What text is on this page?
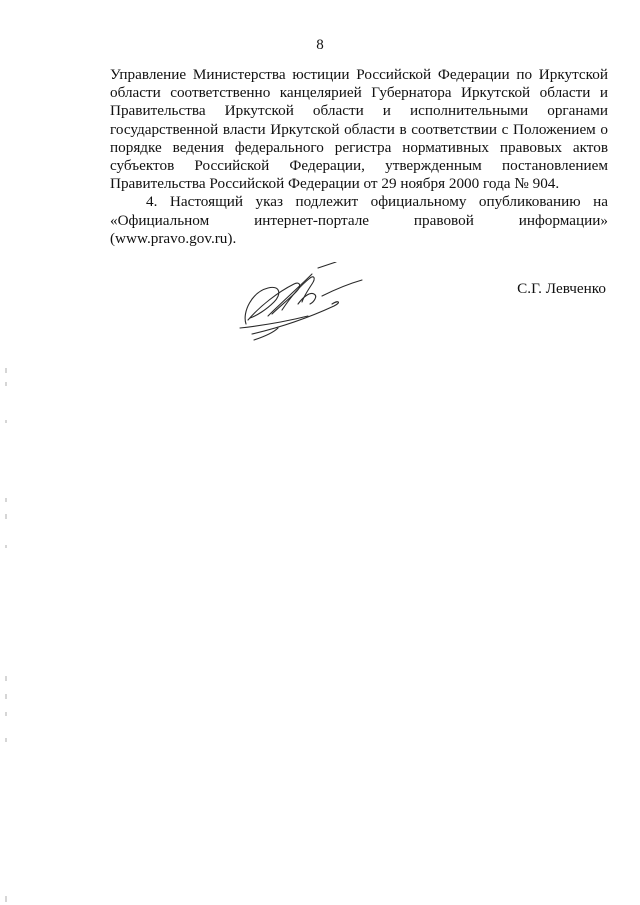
8

Управление Министерства юстиции Российской Федерации по Иркутской области соответственно канцелярией Губернатора Иркутской области и Правительства Иркутской области и исполнительными органами государственной власти Иркутской области в соответствии с Положением о порядке ведения федерального регистра нормативных правовых актов субъектов Российской Федерации, утвержденным постановлением Правительства Российской Федерации от 29 ноября 2000 года № 904.

4. Настоящий указ подлежит официальному опубликованию на «Официальном интернет-портале правовой информации» (www.pravo.gov.ru).

С.Г. Левченко
